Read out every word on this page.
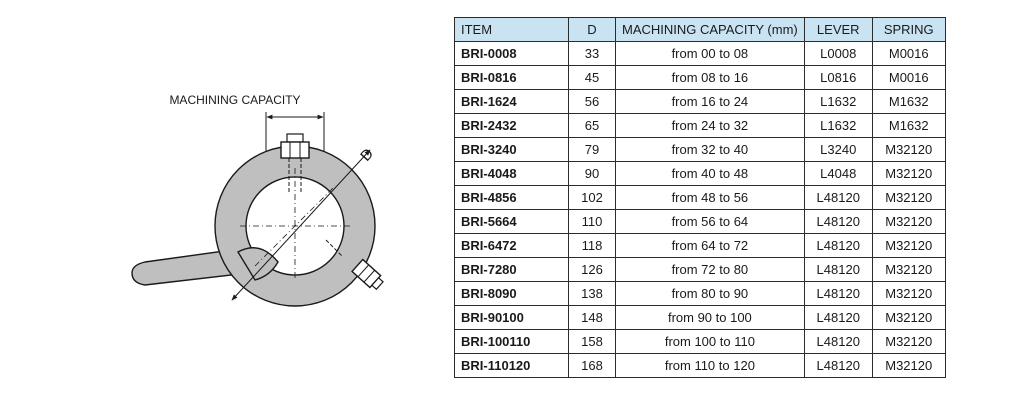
MACHINING CAPACITY
D
ITEM	D	MACHINING CAPACITY (mm)	LEVER	SPRING
BRI-0008	33	from 00 to 08	L0008	M0016
BRI-0816	45	from 08 to 16	L0816	M0016
BRI-1624	56	from 16 to 24	L1632	M1632
BRI-2432	65	from 24 to 32	L1632	M1632
BRI-3240	79	from 32 to 40	L3240	M32120
BRI-4048	90	from 40 to 48	L4048	M32120
BRI-4856	102	from 48 to 56	L48120	M32120
BRI-5664	110	from 56 to 64	L48120	M32120
BRI-6472	118	from 64 to 72	L48120	M32120
BRI-7280	126	from 72 to 80	L48120	M32120
BRI-8090	138	from 80 to 90	L48120	M32120
BRI-90100	148	from 90 to 100	L48120	M32120
BRI-100110	158	from 100 to 110	L48120	M32120
BRI-110120	168	from 110 to 120	L48120	M32120
